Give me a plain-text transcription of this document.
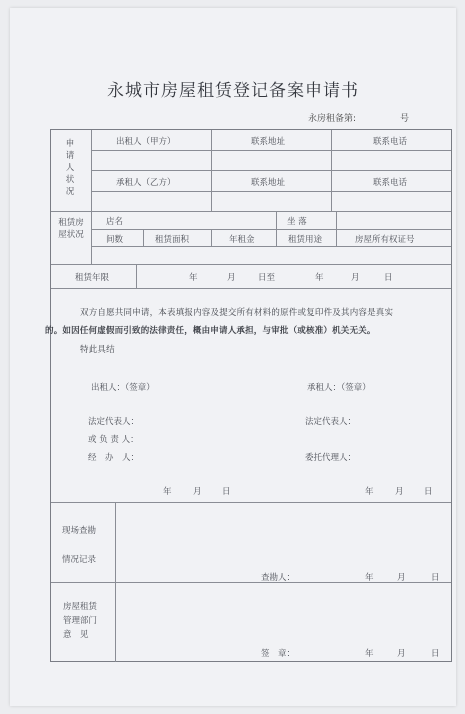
永城市房屋租赁登记备案申请书
永房租备第:	号
申请人状况
出租人（甲方）	联系地址	联系电话
承租人（乙方）	联系地址	联系电话
租赁房屋状况
店名	坐 落
间数	租赁面积	年租金	租赁用途	房屋所有权证号
租赁年限	年	月	日至	年	月	日
双方自愿共同申请，本表填报内容及提交所有材料的原件或复印件及其内容是真实
的。如因任何虚假而引致的法律责任，概由申请人承担，与审批（或核准）机关无关。
特此具结
出租人：（签章）	承租人：（签章）
法定代表人：	法定代表人：
或 负 责 人：
经　办　人：	委托代理人：
年	月 日	年	月 日
现场查勘
情况记录
查勘人：	年	月	日
房屋租赁
管理部门
意　见
签　章：	年	月	日
